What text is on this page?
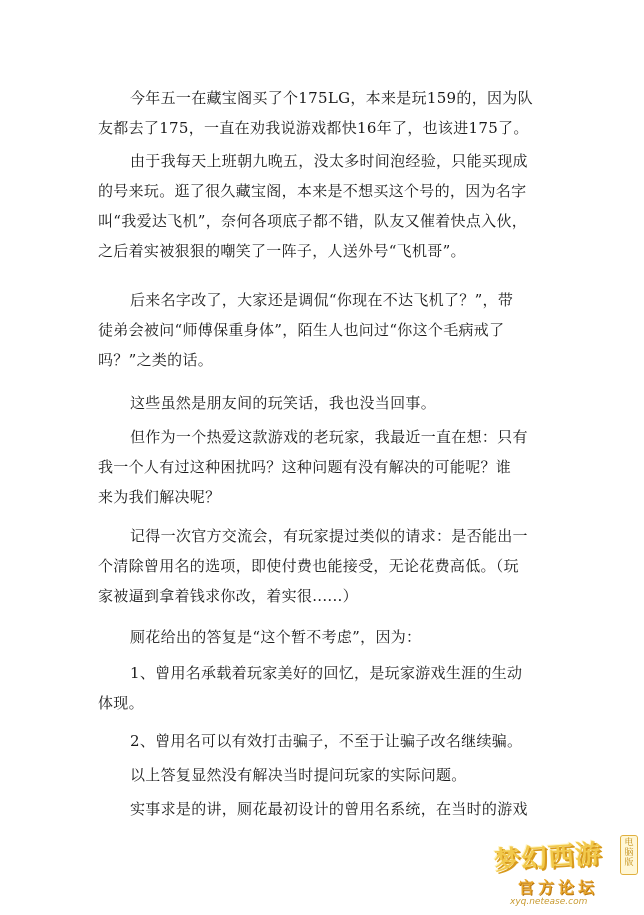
今年五一在藏宝阁买了个175LG，本来是玩159的，因为队
友都去了175，一直在劝我说游戏都快16年了，也该进175了。
由于我每天上班朝九晚五，没太多时间泡经验，只能买现成
的号来玩。逛了很久藏宝阁，本来是不想买这个号的，因为名字
叫“我爱达飞机”，奈何各项底子都不错，队友又催着快点入伙，
之后着实被狠狠的嘲笑了一阵子，人送外号“飞机哥”。
后来名字改了，大家还是调侃“你现在不达飞机了？”，带
徒弟会被问“师傅保重身体”，陌生人也问过“你这个毛病戒了
吗？”之类的话。
这些虽然是朋友间的玩笑话，我也没当回事。
但作为一个热爱这款游戏的老玩家，我最近一直在想：只有
我一个人有过这种困扰吗？这种问题有没有解决的可能呢？谁
来为我们解决呢？
记得一次官方交流会，有玩家提过类似的请求：是否能出一
个清除曾用名的选项，即使付费也能接受，无论花费高低。（玩
家被逼到拿着钱求你改，着实很......）
厕花给出的答复是“这个暂不考虑”，因为：
1、曾用名承载着玩家美好的回忆，是玩家游戏生涯的生动
体现。
2、曾用名可以有效打击骗子，不至于让骗子改名继续骗。
以上答复显然没有解决当时提问玩家的实际问题。
实事求是的讲，厕花最初设计的曾用名系统，在当时的游戏
梦幻西游	电脑版
官方论坛
xyq.netease.com
